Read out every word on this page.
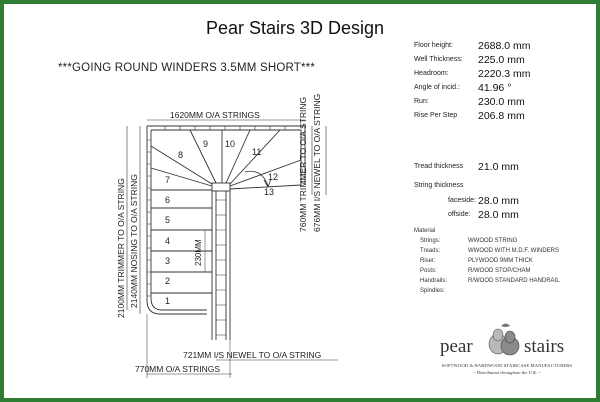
Pear Stairs 3D Design
***GOING ROUND WINDERS 3.5MM SHORT***
1620MM O/A STRINGS
2140MM NOSING TO O/A STRING
2100MM TRIMMER TO O/A STRING
760MM TRIMMER TO O/A STRING 676MM I/S NEWEL TO O/A STRING
721MM I/S NEWEL TO O/A STRING
770MM O/A STRINGS
230MM
1
2
3
4
5
6
7
8
9 10
11
12
13
Floor height: 2688.0 mm
Well Thickness: 225.0 mm
Headroom:	2220.3 mm
Angle of incid.: 41.96 °
Run:	230.0 mm
Rise Per Step 206.8 mm
Tread thickness 21.0 mm
String thickness
faceside: 28.0 mm
offside: 28.0 mm
Material
Strings:	WWOOD STRING
Treads:	WWOOD WITH M.D.F. WINDERS
Riser:	PLYWOOD 9MM THICK
Posts:	R/WOOD STOP/CHAM
Handrails:	R/WOOD STANDARD HANDRAIL
Spindles:
pear	stairs
SOFTWOOD & HARDWOOD STAIRCASE MANUFACTURERS
~ Distribution throughout the U.K. ~
